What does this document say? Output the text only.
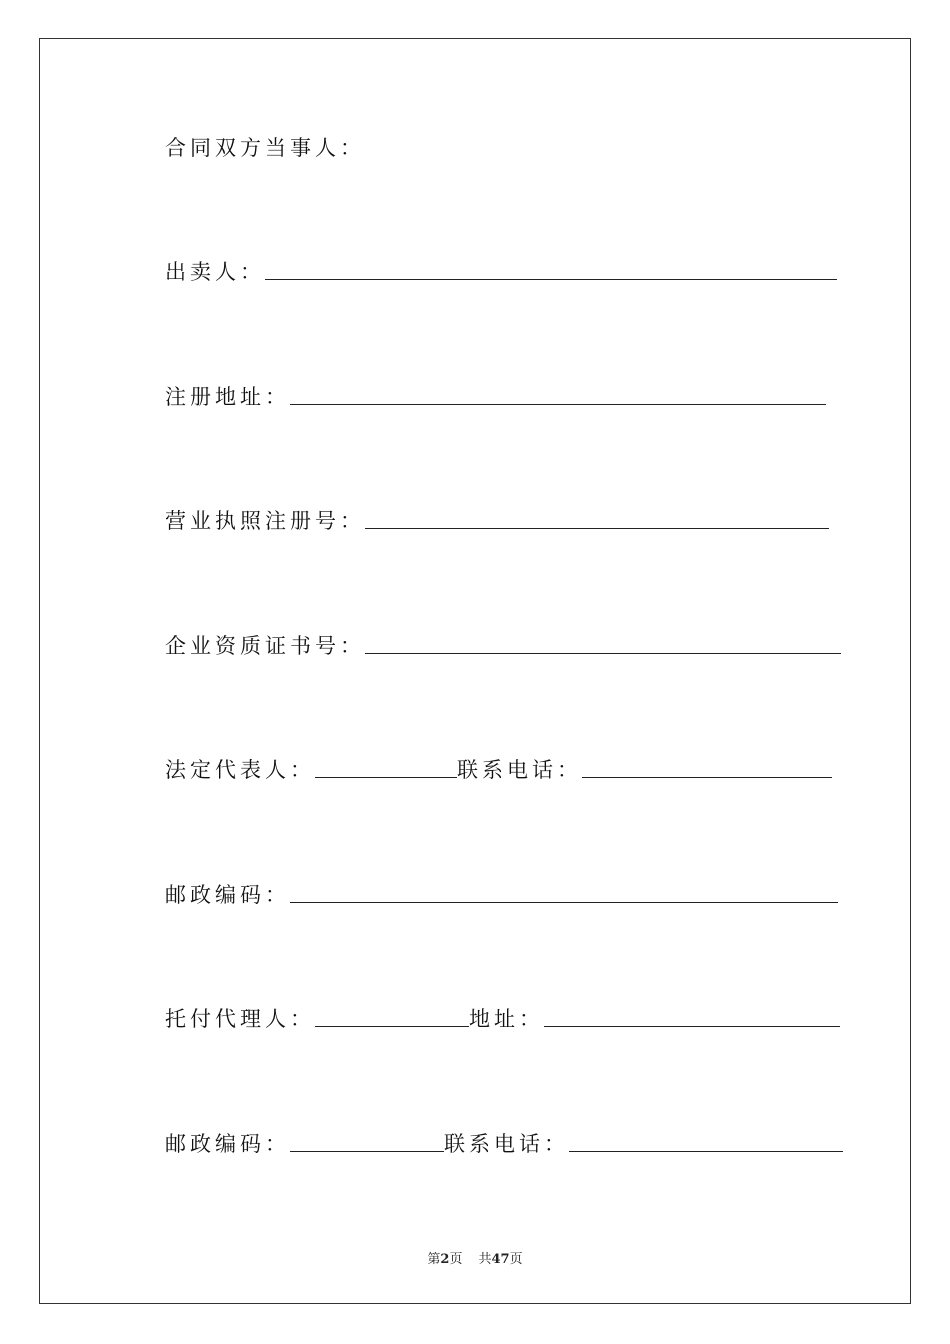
合同双方当事人：
出卖人：
注册地址：
营业执照注册号：
企业资质证书号：
法定代表人：	联系电话：
邮政编码：
托付代理人：	地址：
邮政编码：	联系电话：
第2页 共47页
